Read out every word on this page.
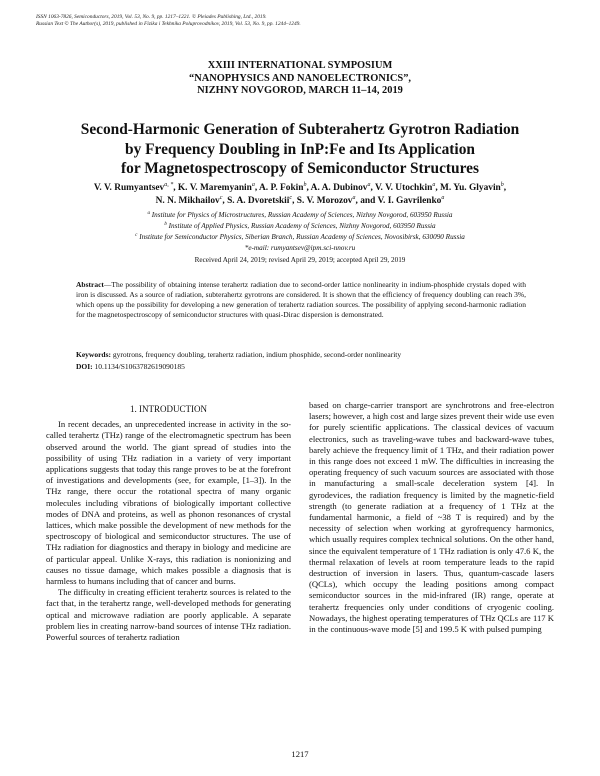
ISSN 1063-7826, Semiconductors, 2019, Vol. 53, No. 9, pp. 1217–1221. © Pleiades Publishing, Ltd., 2019.
Russian Text © The Author(s), 2019, published in Fizika i Tekhnika Poluprovodnikov, 2019, Vol. 53, No. 9, pp. 1244–1249.
XXIII INTERNATIONAL SYMPOSIUM
“NANOPHYSICS AND NANOELECTRONICS”,
NIZHNY NOVGOROD, MARCH 11–14, 2019
Second-Harmonic Generation of Subterahertz Gyrotron Radiation
by Frequency Doubling in InP:Fe and Its Application
for Magnetospectroscopy of Semiconductor Structures
V. V. Rumyantsev$^{a, *}$, K. V. Maremyanin$^a$, A. P. Fokin$^b$, A. A. Dubinov$^a$, V. V. Utochkin$^a$, M. Yu. Glyavin$^b$,
N. N. Mikhailov$^c$, S. A. Dvoretskii$^c$, S. V. Morozov$^a$, and V. I. Gavrilenko$^a$
$^a$ Institute for Physics of Microstructures, Russian Academy of Sciences, Nizhny Novgorod, 603950 Russia
$^b$ Institute of Applied Physics, Russian Academy of Sciences, Nizhny Novgorod, 603950 Russia
$^c$ Institute for Semiconductor Physics, Siberian Branch, Russian Academy of Sciences, Novosibirsk, 630090 Russia
*e-mail: rumyantsev@ipm.sci-nnov.ru
Received April 24, 2019; revised April 29, 2019; accepted April 29, 2019
Abstract—The possibility of obtaining intense terahertz radiation due to second-order lattice nonlinearity in indium-phosphide crystals doped with iron is discussed. As a source of radiation, subterahertz gyrotrons are considered. It is shown that the efficiency of frequency doubling can reach 3%, which opens up the possibility for developing a new generation of terahertz radiation sources. The possibility of applying second-harmonic radiation for the magnetospectroscopy of semiconductor structures with quasi-Dirac dispersion is demonstrated.
Keywords: gyrotrons, frequency doubling, terahertz radiation, indium phosphide, second-order nonlinearity
DOI: 10.1134/S1063782619090185
1. INTRODUCTION

In recent decades, an unprecedented increase in activity in the so-called terahertz (THz) range of the electromagnetic spectrum has been observed around the world. The giant spread of studies into the possibility of using THz radiation in a variety of very important applications suggests that today this range proves to be at the forefront of investigations and developments (see, for example, [1–3]). In the THz range, there occur the rotational spectra of many organic molecules including vibrations of biologically important collective modes of DNA and proteins, as well as phonon resonances of crystal lattices, which make possible the development of new methods for the spectroscopy of biological and semiconductor structures. The use of THz radiation for diagnostics and therapy in biology and medicine are of particular appeal. Unlike X-rays, this radiation is nonionizing and causes no tissue damage, which makes possible a diagnosis that is harmless to humans including that of cancer and burns.

The difficulty in creating efficient terahertz sources is related to the fact that, in the terahertz range, well-developed methods for generating optical and microwave radiation are poorly applicable. A separate problem lies in creating narrow-band sources of intense THz radiation. Powerful sources of terahertz radiation

based on charge-carrier transport are synchrotrons and free-electron lasers; however, a high cost and large sizes prevent their wide use even for purely scientific applications. The classical devices of vacuum electronics, such as traveling-wave tubes and backward-wave tubes, barely achieve the frequency limit of 1 THz, and their radiation power in this range does not exceed 1 mW. The difficulties in increasing the operating frequency of such vacuum sources are associated with those in manufacturing a small-scale deceleration system [4]. In gyrodevices, the radiation frequency is limited by the magnetic-field strength (to generate radiation at a frequency of 1 THz at the fundamental harmonic, a field of ~38 T is required) and by the necessity of selection when working at gyrofrequency harmonics, which usually requires complex technical solutions. On the other hand, since the equivalent temperature of 1 THz radiation is only 47.6 K, the thermal relaxation of levels at room temperature leads to the rapid destruction of inversion in lasers. Thus, quantum-cascade lasers (QCLs), which occupy the leading positions among compact semiconductor sources in the mid-infrared (IR) range, operate at terahertz frequencies only under conditions of cryogenic cooling. Nowadays, the highest operating temperatures of THz QCLs are 117 K in the continuous-wave mode [5] and 199.5 K with pulsed pumping

1217
